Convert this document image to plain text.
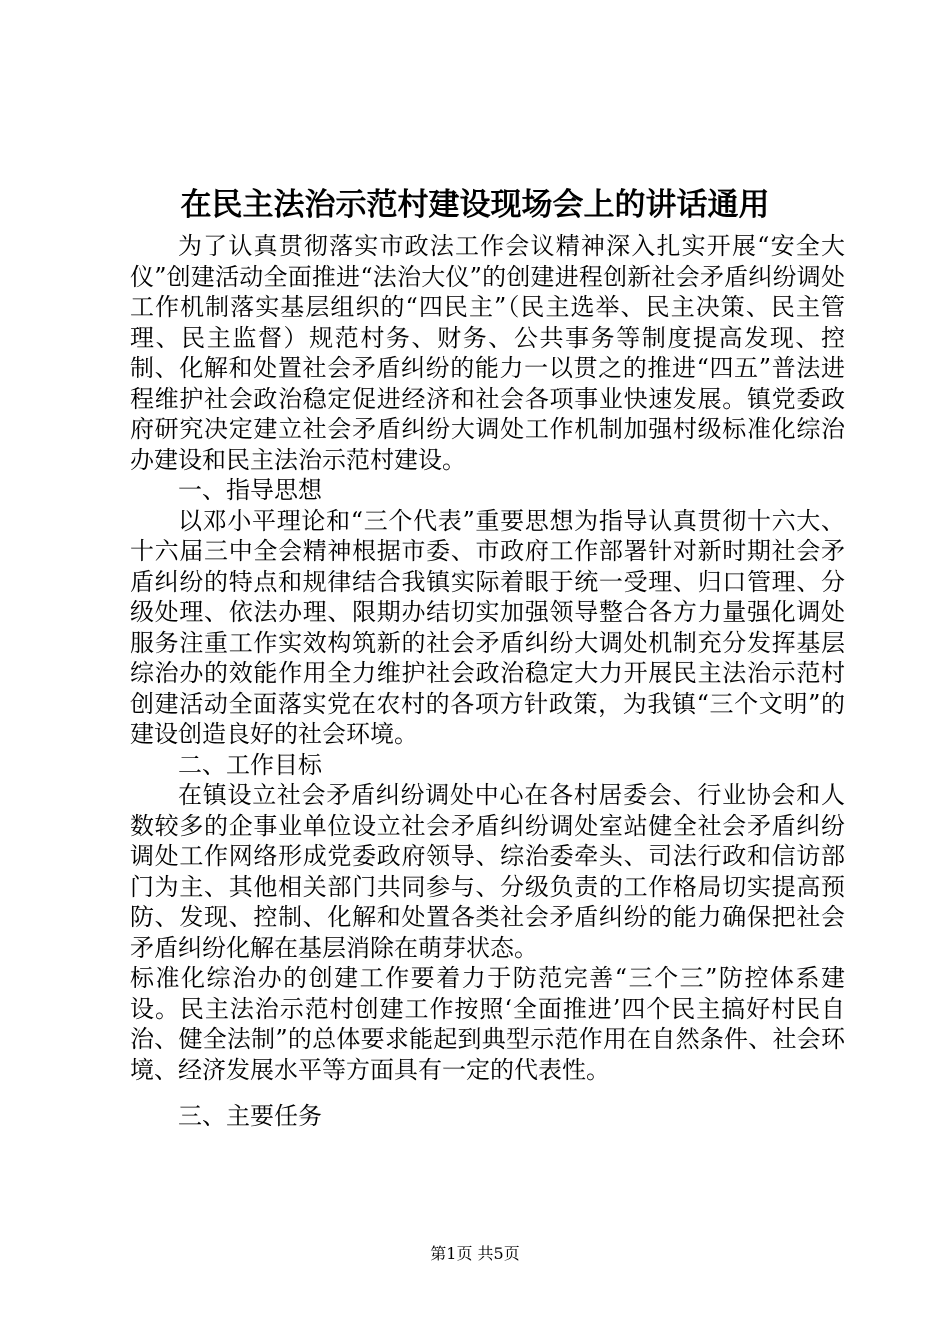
在民主法治示范村建设现场会上的讲话通用

为了认真贯彻落实市政法工作会议精神深入扎实开展“安全大仪”创建活动全面推进“法治大仪”的创建进程创新社会矛盾纠纷调处工作机制落实基层组织的“四民主”（民主选举、民主决策、民主管理、民主监督）规范村务、财务、公共事务等制度提高发现、控制、化解和处置社会矛盾纠纷的能力一以贯之的推进“四五”普法进程维护社会政治稳定促进经济和社会各项事业快速发展。镇党委政府研究决定建立社会矛盾纠纷大调处工作机制加强村级标准化综治办建设和民主法治示范村建设。

一、指导思想

以邓小平理论和“三个代表”重要思想为指导认真贯彻十六大、十六届三中全会精神根据市委、市政府工作部署针对新时期社会矛盾纠纷的特点和规律结合我镇实际着眼于统一受理、归口管理、分级处理、依法办理、限期办结切实加强领导整合各方力量强化调处服务注重工作实效构筑新的社会矛盾纠纷大调处机制充分发挥基层综治办的效能作用全力维护社会政治稳定大力开展民主法治示范村创建活动全面落实党在农村的各项方针政策，为我镇“三个文明”的建设创造良好的社会环境。

二、工作目标

在镇设立社会矛盾纠纷调处中心在各村居委会、行业协会和人数较多的企事业单位设立社会矛盾纠纷调处室站健全社会矛盾纠纷调处工作网络形成党委政府领导、综治委牵头、司法行政和信访部门为主、其他相关部门共同参与、分级负责的工作格局切实提高预防、发现、控制、化解和处置各类社会矛盾纠纷的能力确保把社会矛盾纠纷化解在基层消除在萌芽状态。

标准化综治办的创建工作要着力于防范完善“三个三”防控体系建设。民主法治示范村创建工作按照‘全面推进’四个民主搞好村民自治、健全法制”的总体要求能起到典型示范作用在自然条件、社会环境、经济发展水平等方面具有一定的代表性。

三、主要任务

第1页 共5页
